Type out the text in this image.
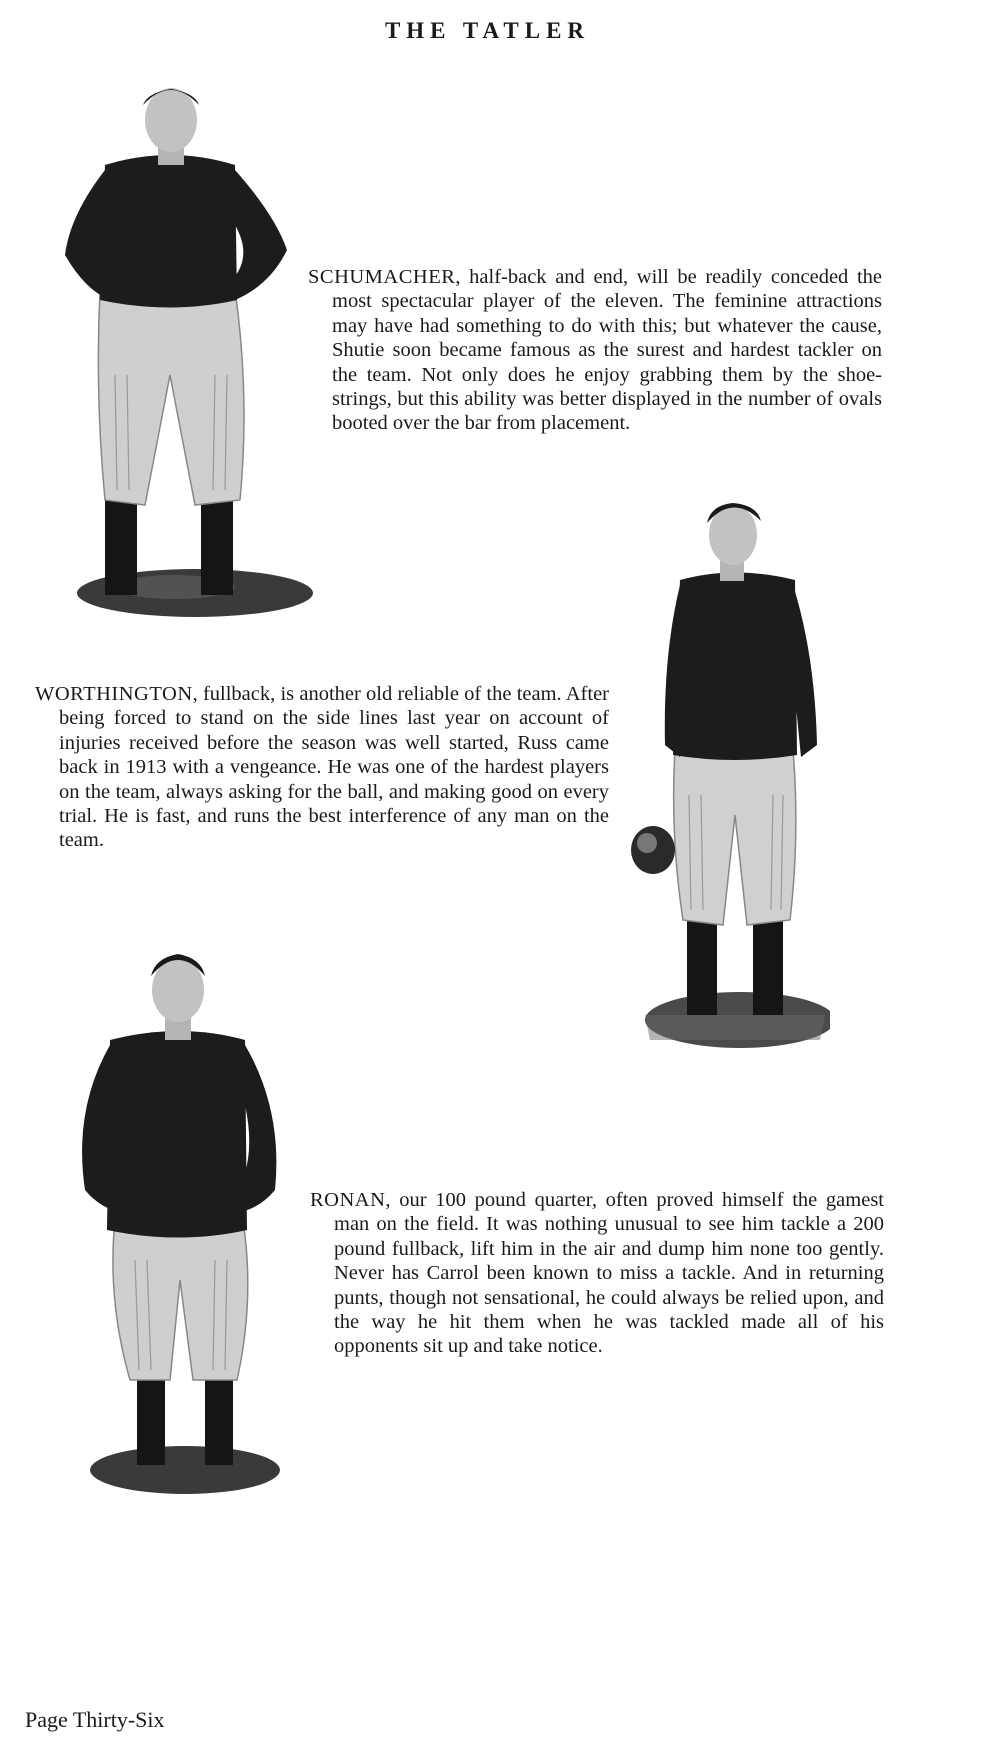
THE TATLER
SCHUMACHER, half-back and end, will be readily conceded the most spectacular player of the eleven. The feminine attractions may have had something to do with this; but whatever the cause, Shutie soon became famous as the surest and hardest tackler on the team. Not only does he enjoy grabbing them by the shoe-strings, but this ability was better displayed in the number of ovals booted over the bar from placement.
WORTHINGTON, fullback, is another old reliable of the team. After being forced to stand on the side lines last year on account of injuries received before the season was well started, Russ came back in 1913 with a vengeance. He was one of the hardest players on the team, always asking for the ball, and making good on every trial. He is fast, and runs the best interference of any man on the team.
RONAN, our 100 pound quarter, often proved himself the gamest man on the field. It was nothing unusual to see him tackle a 200 pound fullback, lift him in the air and dump him none too gently. Never has Carrol been known to miss a tackle. And in returning punts, though not sensational, he could always be relied upon, and the way he hit them when he was tackled made all of his opponents sit up and take notice.
Page Thirty-Six
